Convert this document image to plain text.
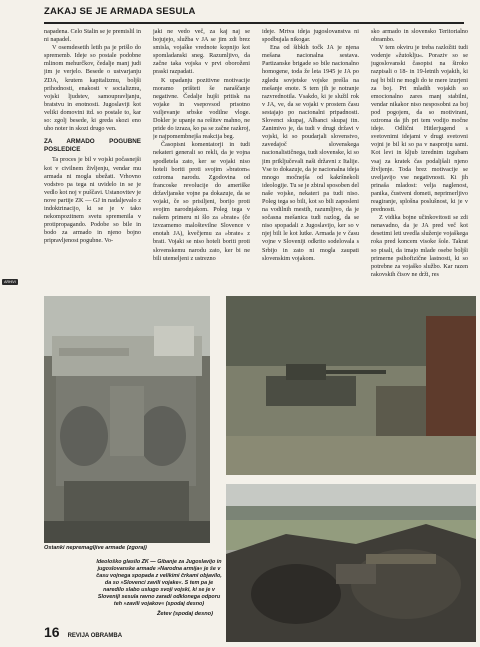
ZAKAJ SE JE ARMADA SESULA

napadena. Celo Stalin se je premislil in ni napadel.

V osemdesetih letih pa je prišlo do sprememb. Ideje so postale podobne mlinom mehurčkov, čedalje manj judi jim je verjelo. Besede o ustvarjanju ZDA, krutem kapitalizmu, boljši prihodnosti, enakosti v socializmu, vojski ljudstev, samoupravljanju, bratstvu in enotnosti. Jugoslaviji kot veliki domovini itd. so postale to, kar so: zgolj besede, ki greda skozi eno uho noter in skozi drugo ven.

ZA ARMADO POGUBNE POSLEDICE

Ta proces je bil v vojski počasnejši kot v civilnem življenju, vendar mu armada ni mogla ubežati. Vrhovno vodstvo pa tega ni uvidelo in se je vedlo kot noj v puščavi. Ustanovitev je nove partije ZK — GJ in nadaljevalo z indoktrinacijo, ki se je v tako nekompozitnem svetu spremenila v protipropagando. Podobe so bile in bodo za armado in njeno bojno pripravljenost pogubne. Vo-

jaki ne vedo več, za kaj naj se bojujejo, služba v JA se jim zdi brez smisla, vojaške vrednote kopnijo kot spomladanski sneg. Razumljivo, da začne taka vojska v prvi oboroženi praski razpadati.

K upadanju pozitivne motivacije moramo prišteti še naraščanje negativne. Čedalje hujši pritisk na vojake in vsepovsod prisotno vsiljevanje srbske vodilne vloge. Dokler je upanje na rešitev mahno, ne pride do izraza, ko pa se začne razkroj, je najpomembnejša reakcija beg.

Časopisni komentatorji in tudi nekateri generali so rekli, da je vojna spodletela zato, ker se vojaki niso hoteli boriti proti svojim »bratom« oziroma narodu. Zgodovina od francoske revolucije do ameriške državljanske vojne pa dokazuje, da se vojaki, če so prisiljeni, borijo proti svojim narodnjakom. Poleg tega v našem primeru ni šlo za »brate« (če izvzamemo maloštevilne Slovence v enotah JA), kvečjemu za »brate« z brati. Vojaki se niso hoteli boriti proti slovenskemu narodu zato, ker bi ne bili utemeljeni z ustrezno

ideje. Mrtva ideja jugoslovanstva ni spodbujala nikogar.

Ena od šibkih točk JA je njena mešana nacionalna sestava. Partizanske brigade so bile nacionalno homogene, toda že leta 1945 je JA po zgledu sovjetske vojske prešla na mešanje enote. S tem jih je notranje razvrednotila. Vsakdo, ki je služil rok v JA, ve, da se vojaki v prostem času sestajajo po nacionalni pripadnosti. Slovenci skupaj, Albanci skupaj itn. Zanimivo je, da tudi v drugi državi v vojski, ki so poudarjali slovenstvo, zavedajoč slovenskega nacionalističnega, tudi slovenske, ki so jim priključevali naši državni z Italije. Vse to dokazuje, da je nacionalna ideja mnogo močnejša od kakršnekoli ideologije. Tu se je zbiral sposoben del naše vojske, nekateri pa tudi niso. Poleg tega so bili, kot so bili zaposleni na vodilnih mestih, razumljivo, da je sočasna mešanica tudi razlog, da se niso spopadali z Jugoslavijo, ker so v njej bili le kot lutke. Armada je v času vojne v Sloveniji odkrito sodelovala s Srbijo in zato ni mogla zaupati slovenskim vojakom.

sko armado in slovensko Teritorialno obrambo.

V tem okviru je treba razložiti tudi vodenje »žutoklju«. Poraziv so se jugoslovanski časopisi na široko razpisali o 18- in 19-letnih vojakih, ki naj bi bili ne mogli do te mere izurjeni za boj. Pri mladih vojakih so emocionalno zares manj stabilni, vendar nikakor niso nesposobni za boj pod pogojem, da so motivirani, oziroma da jih pri tem vodijo močne ideje. Odlični Hitlerjugend s svetovnimi idejami v drugi svetovni vojni je bil ki so pa v nasprotju sami. Kot levi in kljub izrednim izgubam vsaj za kratek čas podaljšali njeno življenje. Toda brez motivacije se uveljavijo vse negativnosti. Ki jih prinaša mladost: velja naglenost, panika, čustveni dometi, neprimerljivo reagiranje, splošna poslušnost, ki je v prednosti.

Z vidika bojne učinkovitosti se zdi nenavadno, da je JA pred več kot desetimi leti uvedla služenje vojaškega roka pred koncem visoke šole. Takrat so pisali, da imajo mlade osebe boljši primerne psihofizične lastnosti, ki so potrebne za vojaško službo. Kar razen rakovskih čisov ne drži, res

ARHIVI
Ostanki nepremagljive armade (zgoraj)
Ideološko glasilo ZK — Gibanje za Jugoslavijo in jugoslovanske armade »Narodna armija« je še v času vojnega spopada z velikimi črkami objavilo, da so »Slovenci zavili vojake«. S tem pa je naredilo slabo uslugo svoji vojski, ki se je v Sloveniji sesula ravno zaradi odklonega odporu teh »zavili vojakov« (spodaj desno)
Žetev (spodaj desno)
16 REVIJA OBRAMBA
